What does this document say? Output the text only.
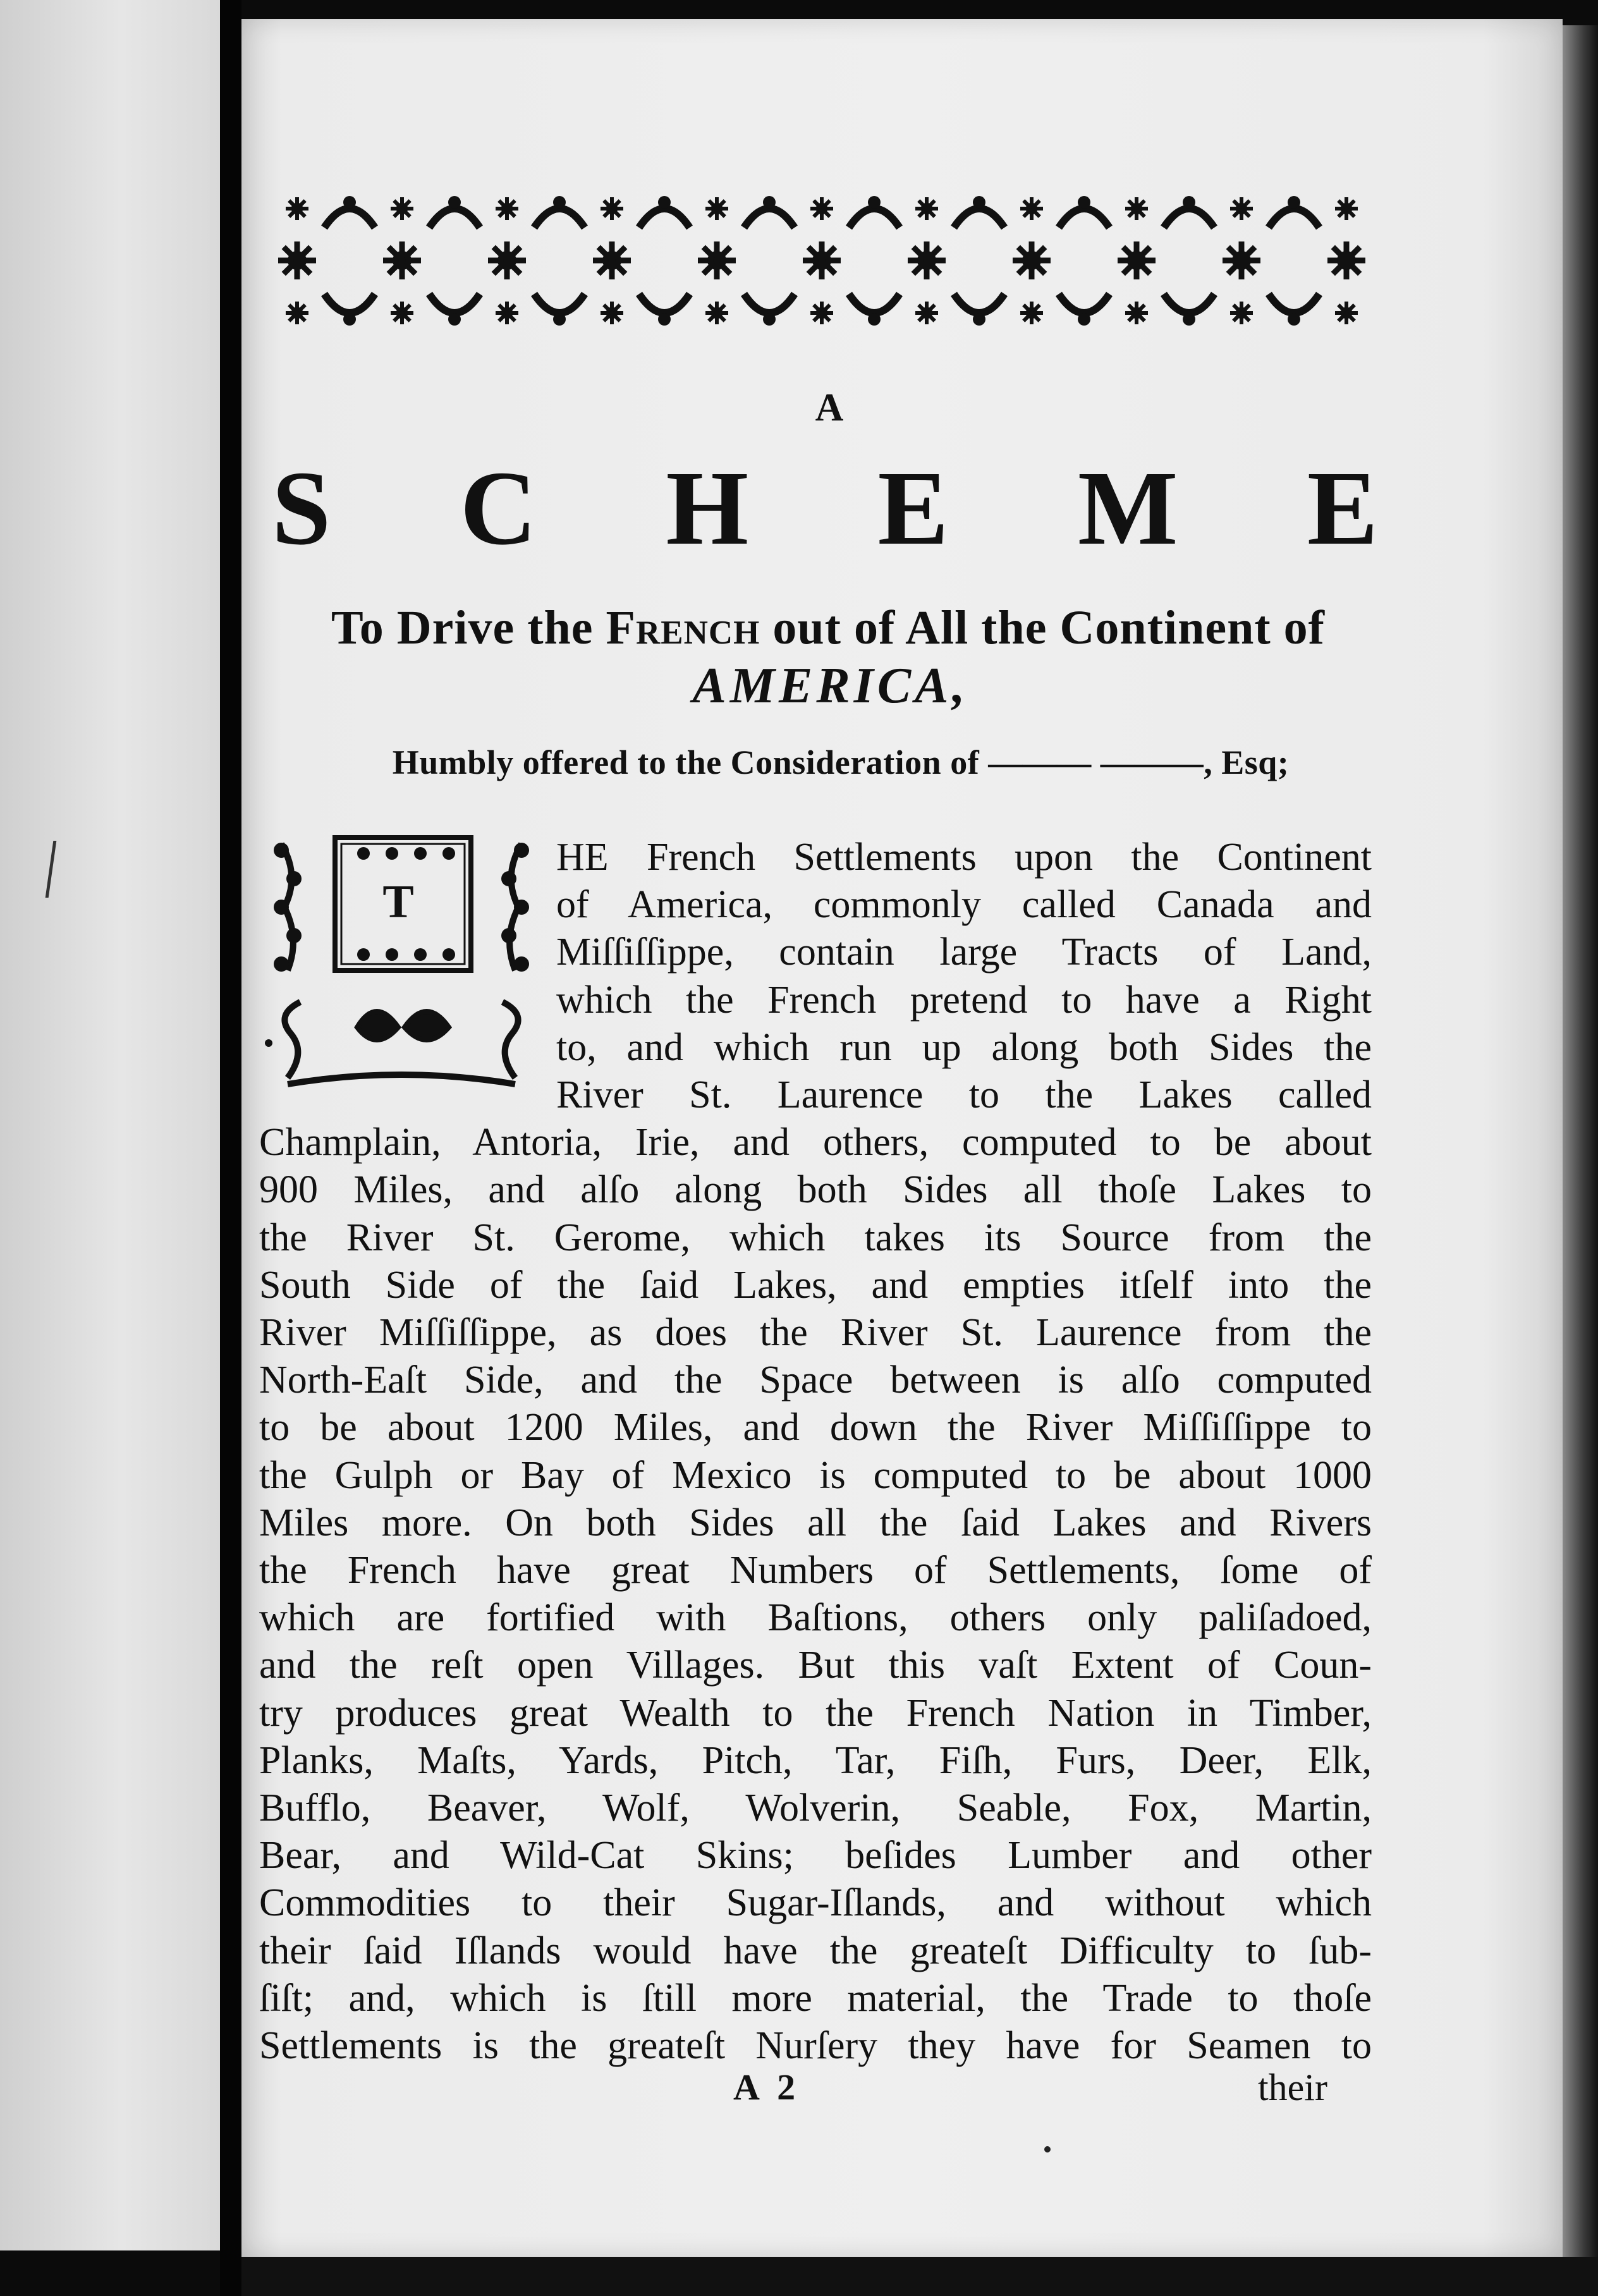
A
S C H E M E
To Drive the French out of All the Continent of
AMERICA,
Humbly offered to the Consideration of ——— ———, Esq;
T
HE French Settlements upon the Continent
of America, commonly called Canada and
Miſſiſſippe, contain large Tracts of Land,
which the French pretend to have a Right
to, and which run up along both Sides the
River St. Laurence to the Lakes called
Champlain, Antoria, Irie, and others, computed to be about
900 Miles, and alſo along both Sides all thoſe Lakes to
the River St. Gerome, which takes its Source from the
South Side of the ſaid Lakes, and empties itſelf into the
River Miſſiſſippe, as does the River St. Laurence from the
North-Eaſt Side, and the Space between is alſo computed
to be about 1200 Miles, and down the River Miſſiſſippe to
the Gulph or Bay of Mexico is computed to be about 1000
Miles more. On both Sides all the ſaid Lakes and Rivers
the French have great Numbers of Settlements, ſome of
which are fortified with Baſtions, others only paliſadoed,
and the reſt open Villages. But this vaſt Extent of Coun-
try produces great Wealth to the French Nation in Timber,
Planks, Maſts, Yards, Pitch, Tar, Fiſh, Furs, Deer, Elk,
Bufflo, Beaver, Wolf, Wolverin, Seable, Fox, Martin,
Bear, and Wild-Cat Skins; beſides Lumber and other
Commodities to their Sugar-Iſlands, and without which
their ſaid Iſlands would have the greateſt Difficulty to ſub-
ſiſt; and, which is ſtill more material, the Trade to thoſe
Settlements is the greateſt Nurſery they have for Seamen to
A 2	their
